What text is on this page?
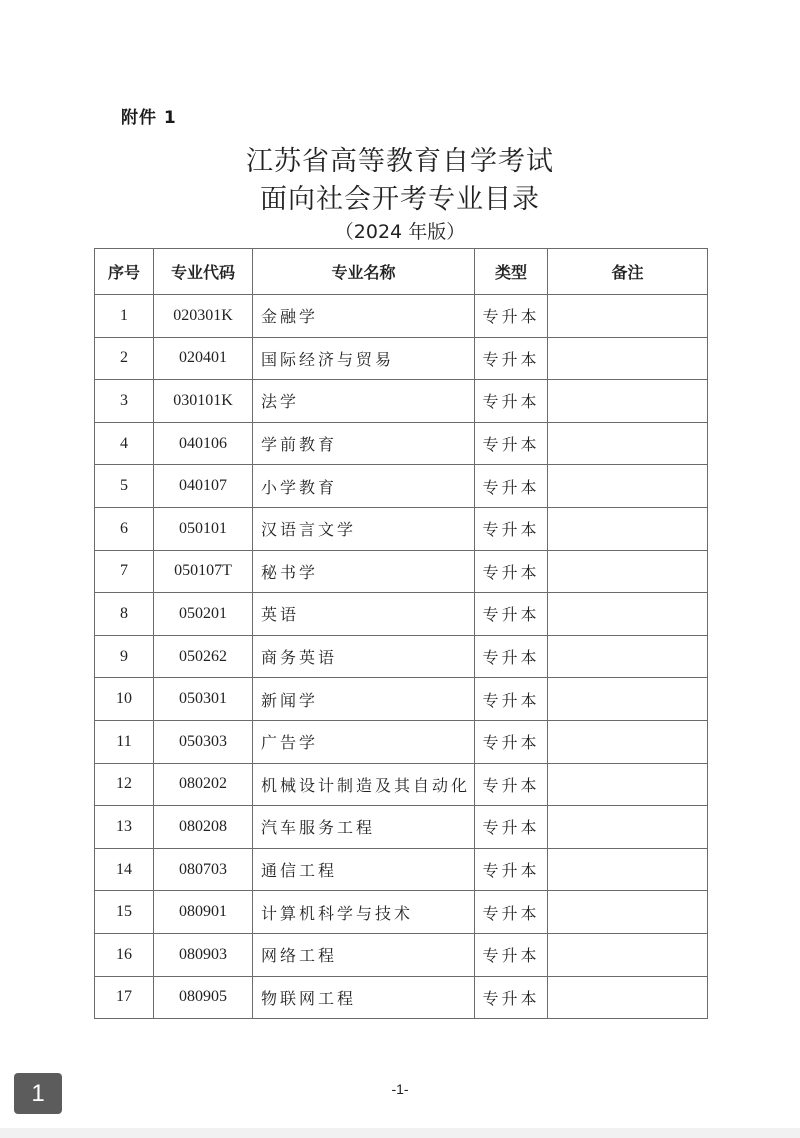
附件 1
江苏省高等教育自学考试
面向社会开考专业目录
（2024 年版）
序号	专业代码	专业名称	类型	备注
1	020301K	金融学	专升本	
2	020401	国际经济与贸易	专升本	
3	030101K	法学	专升本	
4	040106	学前教育	专升本	
5	040107	小学教育	专升本	
6	050101	汉语言文学	专升本	
7	050107T	秘书学	专升本	
8	050201	英语	专升本	
9	050262	商务英语	专升本	
10	050301	新闻学	专升本	
11	050303	广告学	专升本	
12	080202	机械设计制造及其自动化	专升本	
13	080208	汽车服务工程	专升本	
14	080703	通信工程	专升本	
15	080901	计算机科学与技术	专升本	
16	080903	网络工程	专升本	
17	080905	物联网工程	专升本	
-1-
1
